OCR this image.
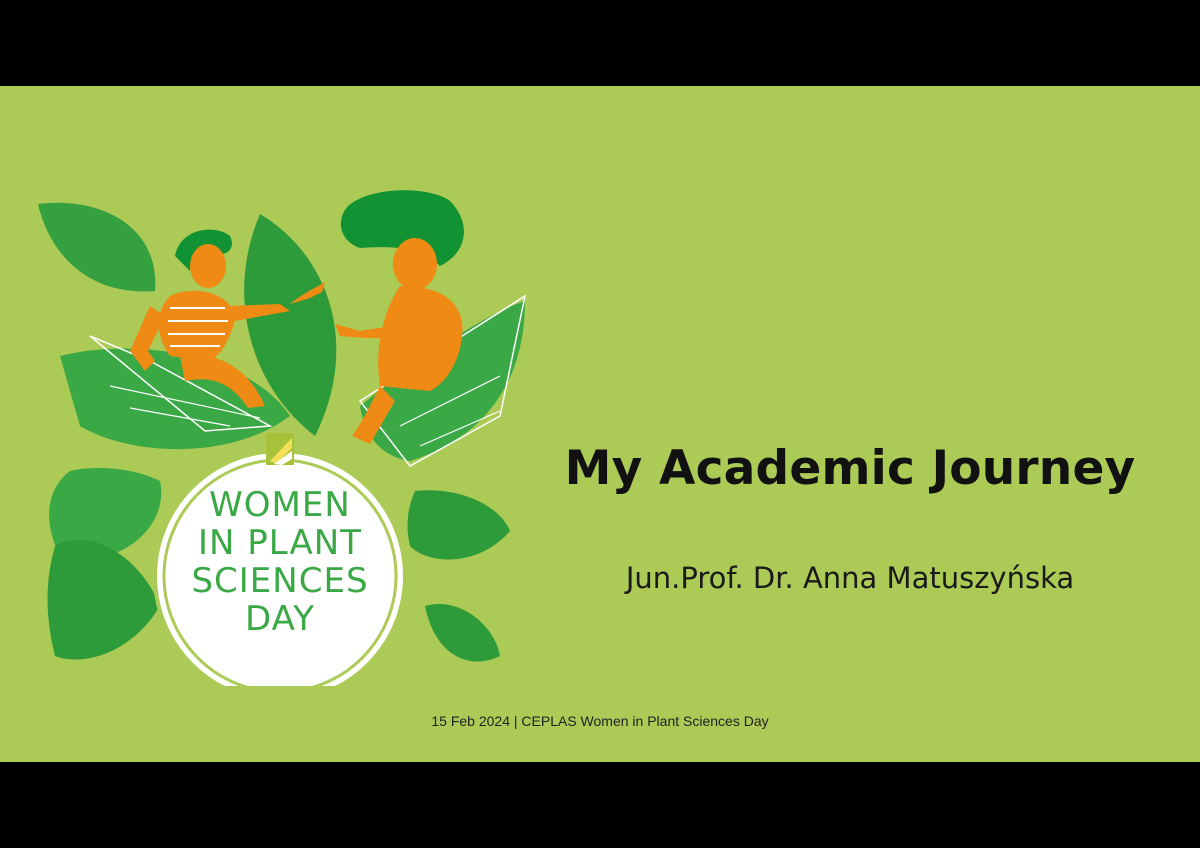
WOMEN
IN PLANT
SCIENCES
DAY
My Academic Journey
Jun.Prof. Dr. Anna Matuszyńska
15 Feb 2024 | CEPLAS Women in Plant Sciences Day
